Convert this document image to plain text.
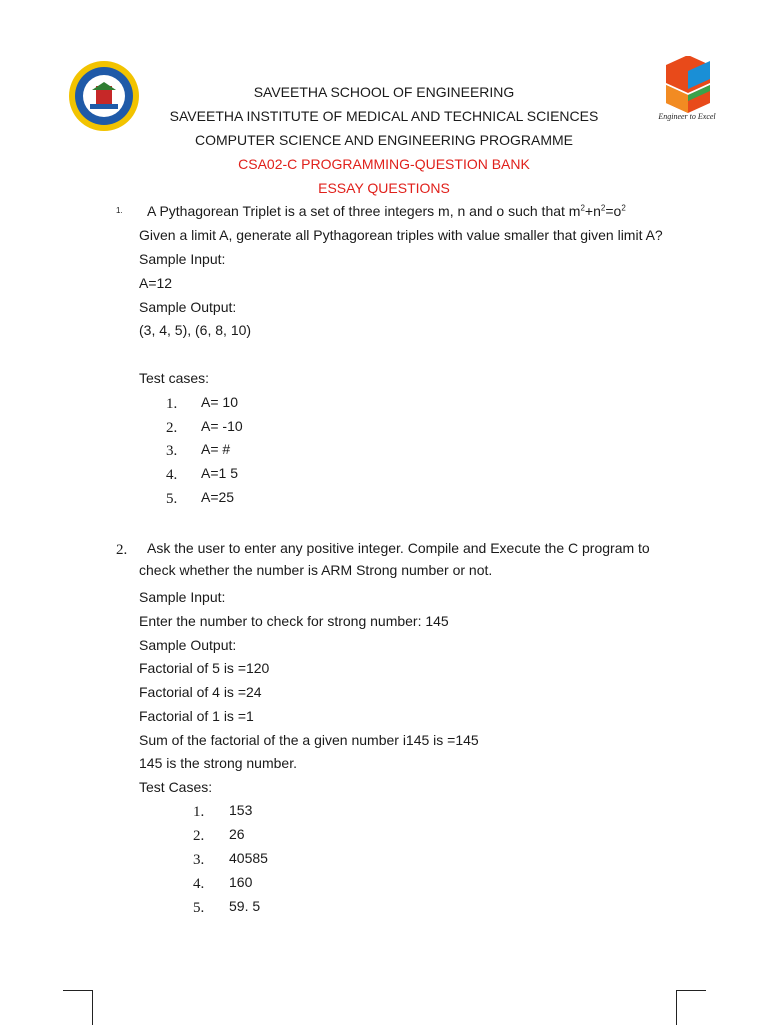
Engineer to Excel
SAVEETHA SCHOOL OF ENGINEERING
SAVEETHA INSTITUTE OF MEDICAL AND TECHNICAL SCIENCES
COMPUTER SCIENCE AND ENGINEERING PROGRAMME
CSA02-C PROGRAMMING-QUESTION BANK
ESSAY QUESTIONS
1. A Pythagorean Triplet is a set of three integers m, n and o such that $m^2+n^2=o^2$
Given a limit A, generate all Pythagorean triples with value smaller that given limit A?
Sample Input:
A=12
Sample Output:
(3, 4, 5), (6, 8, 10)
Test cases:
1. A= 10
2. A= -10
3. A= #
4. A=1 5
5. A=25
2. Ask the user to enter any positive integer. Compile and Execute the C program to
check whether the number is ARM Strong number or not.
Sample Input:
Enter the number to check for strong number: 145
Sample Output:
Factorial of 5 is =120
Factorial of 4 is =24
Factorial of 1 is =1
Sum of the factorial of the a given number i145 is =145
145 is the strong number.
Test Cases:
1. 153
2. 26
3. 40585
4. 160
5. 59. 5
